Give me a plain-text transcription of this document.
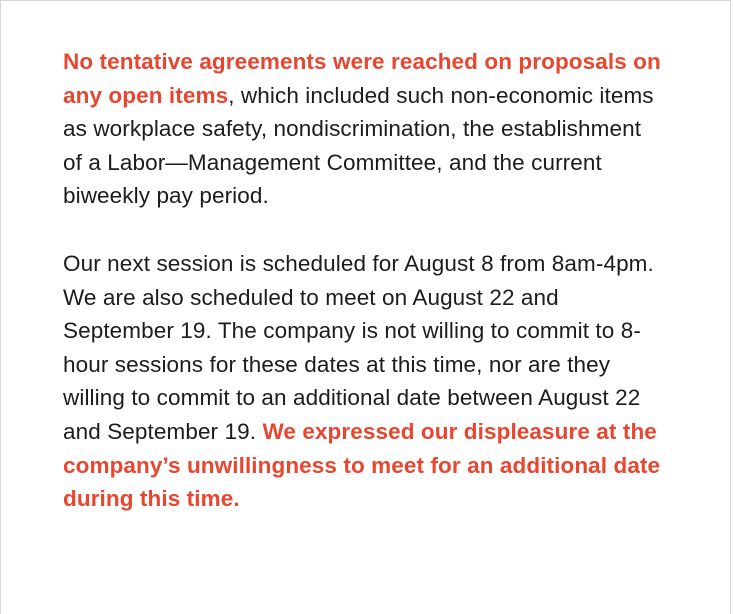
No tentative agreements were reached on proposals on any open items, which included such non-economic items as workplace safety, nondiscrimination, the establishment of a Labor—Management Committee, and the current biweekly pay period.

Our next session is scheduled for August 8 from 8am-4pm. We are also scheduled to meet on August 22 and September 19. The company is not willing to commit to 8-hour sessions for these dates at this time, nor are they willing to commit to an additional date between August 22 and September 19. We expressed our displeasure at the company’s unwillingness to meet for an additional date during this time.
